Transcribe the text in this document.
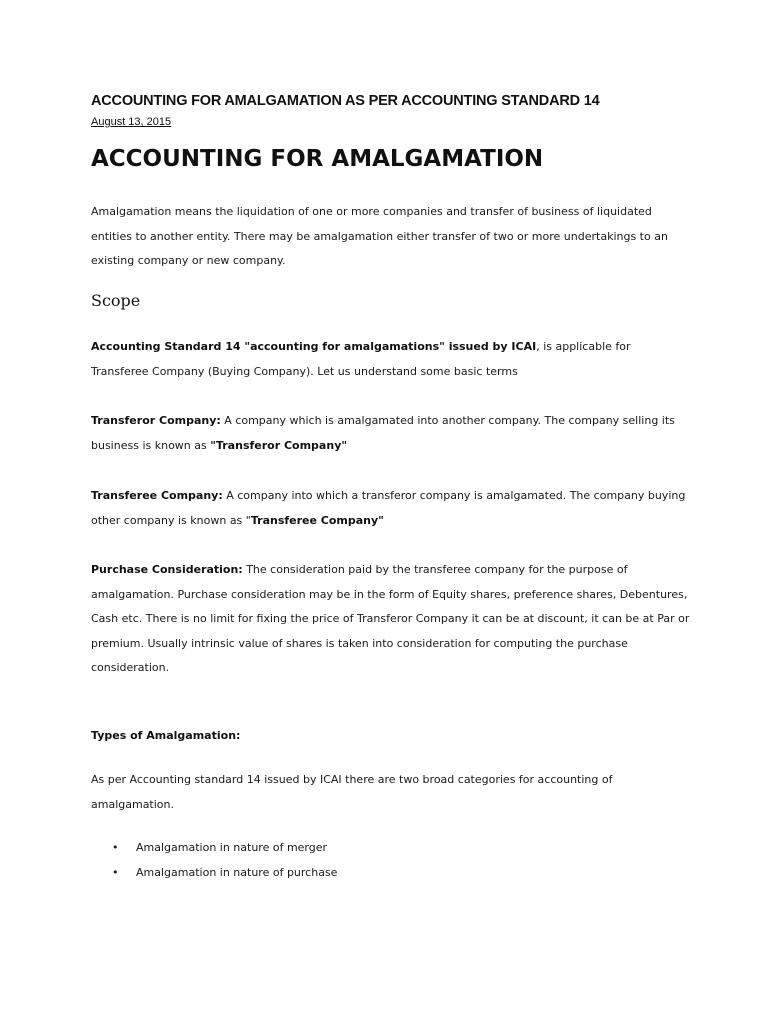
ACCOUNTING FOR AMALGAMATION AS PER ACCOUNTING STANDARD 14
August 13, 2015
ACCOUNTING FOR AMALGAMATION

Amalgamation means the liquidation of one or more companies and transfer of business of liquidated entities to another entity. There may be amalgamation either transfer of two or more undertakings to an existing company or new company.

Scope

Accounting Standard 14 "accounting for amalgamations" issued by ICAI, is applicable for Transferee Company (Buying Company). Let us understand some basic terms

Transferor Company: A company which is amalgamated into another company. The company selling its business is known as "Transferor Company"

Transferee Company: A company into which a transferor company is amalgamated. The company buying other company is known as "Transferee Company"

Purchase Consideration: The consideration paid by the transferee company for the purpose of amalgamation. Purchase consideration may be in the form of Equity shares, preference shares, Debentures, Cash etc. There is no limit for fixing the price of Transferor Company it can be at discount, it can be at Par or premium. Usually intrinsic value of shares is taken into consideration for computing the purchase consideration.

Types of Amalgamation:

As per Accounting standard 14 issued by ICAI there are two broad categories for accounting of amalgamation.

• Amalgamation in nature of merger
• Amalgamation in nature of purchase
